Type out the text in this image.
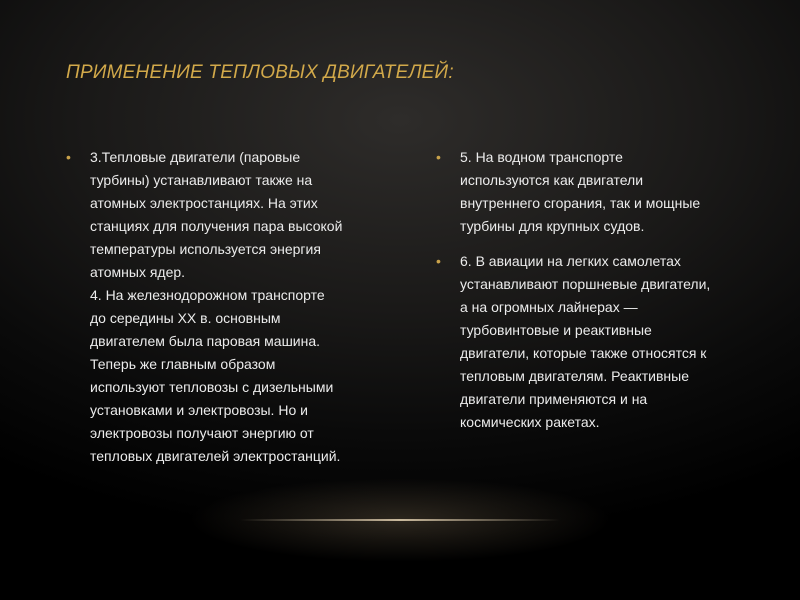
ПРИМЕНЕНИЕ ТЕПЛОВЫХ ДВИГАТЕЛЕЙ:
• 3.Тепловые двигатели (паровые
турбины) устанавливают также на
атомных электростанциях. На этих
станциях для получения пара высокой
температуры используется энергия
атомных ядер.
4. На железнодорожном транспорте
до середины XX в. основным
двигателем была паровая машина.
Теперь же главным образом
используют тепловозы с дизельными
установками и электровозы. Но и
электровозы получают энергию от
тепловых двигателей электростанций.
• 5. На водном транспорте
используются как двигатели
внутреннего сгорания, так и мощные
турбины для крупных судов.
• 6. В авиации на легких самолетах
устанавливают поршневые двигатели,
а на огромных лайнерах —
турбовинтовые и реактивные
двигатели, которые также относятся к
тепловым двигателям. Реактивные
двигатели применяются и на
космических ракетах.
